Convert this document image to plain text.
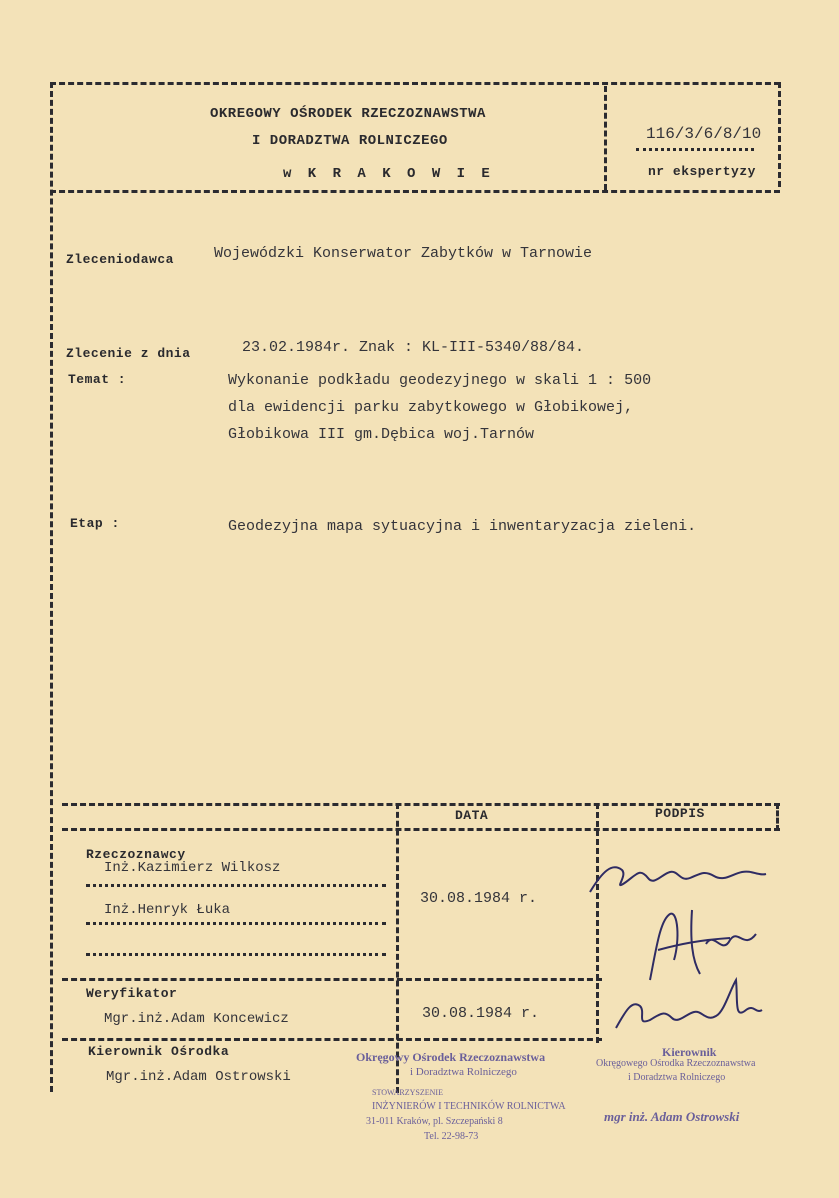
OKREGOWY OŚRODEK RZECZOZNAWSTWA
I DORADZTWA ROLNICZEGO
w K R A K O W I E
116/3/6/8/10
nr ekspertyzy
Zleceniodawca	Wojewódzki Konserwator Zabytków w Tarnowie
Zlecenie z dnia	23.02.1984r. Znak : KL-III-5340/88/84.
Temat :	Wykonanie podkładu geodezyjnego w skali 1 : 500
dla ewidencji parku zabytkowego w Głobikowej,
Głobikowa III gm.Dębica woj.Tarnów
Etap :	Geodezyjna mapa sytuacyjna i inwentaryzacja zieleni.
DATA	PODPIS
Rzeczoznawcy
Inż.Kazimierz Wilkosz
Inż.Henryk Łuka
30.08.1984 r.
Weryfikator
Mgr.inż.Adam Koncewicz	30.08.1984 r.
Kierownik Ośrodka
Mgr.inż.Adam Ostrowski
Okręgowy Ośrodek Rzeczoznawstwa
i Doradztwa Rolniczego
Kierownik
Okręgowego Ośrodka Rzeczoznawstwa
i Doradztwa Rolniczego
STOWARZYSZENIE
INŻYNIERÓW I TECHNIKÓW ROLNICTWA
31-011 Kraków, pl. Szczepański 8
Tel. 22-98-73
mgr inż. Adam Ostrowski
